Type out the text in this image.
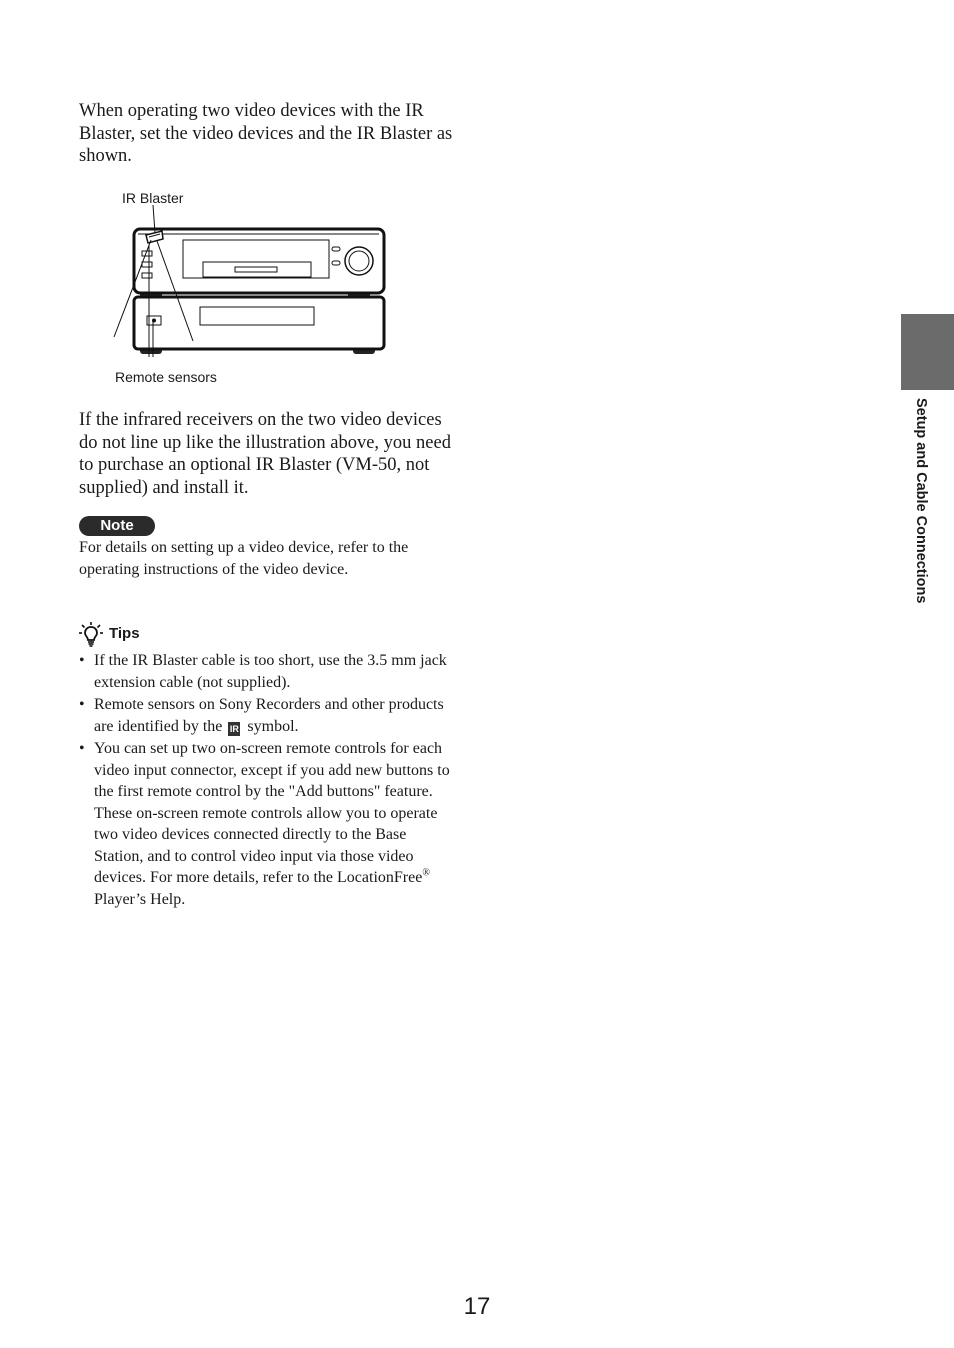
When operating two video devices with the IR Blaster, set the video devices and the IR Blaster as shown.

IR Blaster
Remote sensors

If the infrared receivers on the two video devices do not line up like the illustration above, you need to purchase an optional IR Blaster (VM-50, not supplied) and install it.

Note

For details on setting up a video device, refer to the operating instructions of the video device.

Tips
• If the IR Blaster cable is too short, use the 3.5 mm jack extension cable (not supplied).
• Remote sensors on Sony Recorders and other products are identified by the IR symbol.
• You can set up two on-screen remote controls for each video input connector, except if you add new buttons to the first remote control by the "Add buttons" feature. These on-screen remote controls allow you to operate two video devices connected directly to the Base Station, and to control video input via those video devices. For more details, refer to the LocationFree® Player’s Help.
Setup and Cable Connections
17
